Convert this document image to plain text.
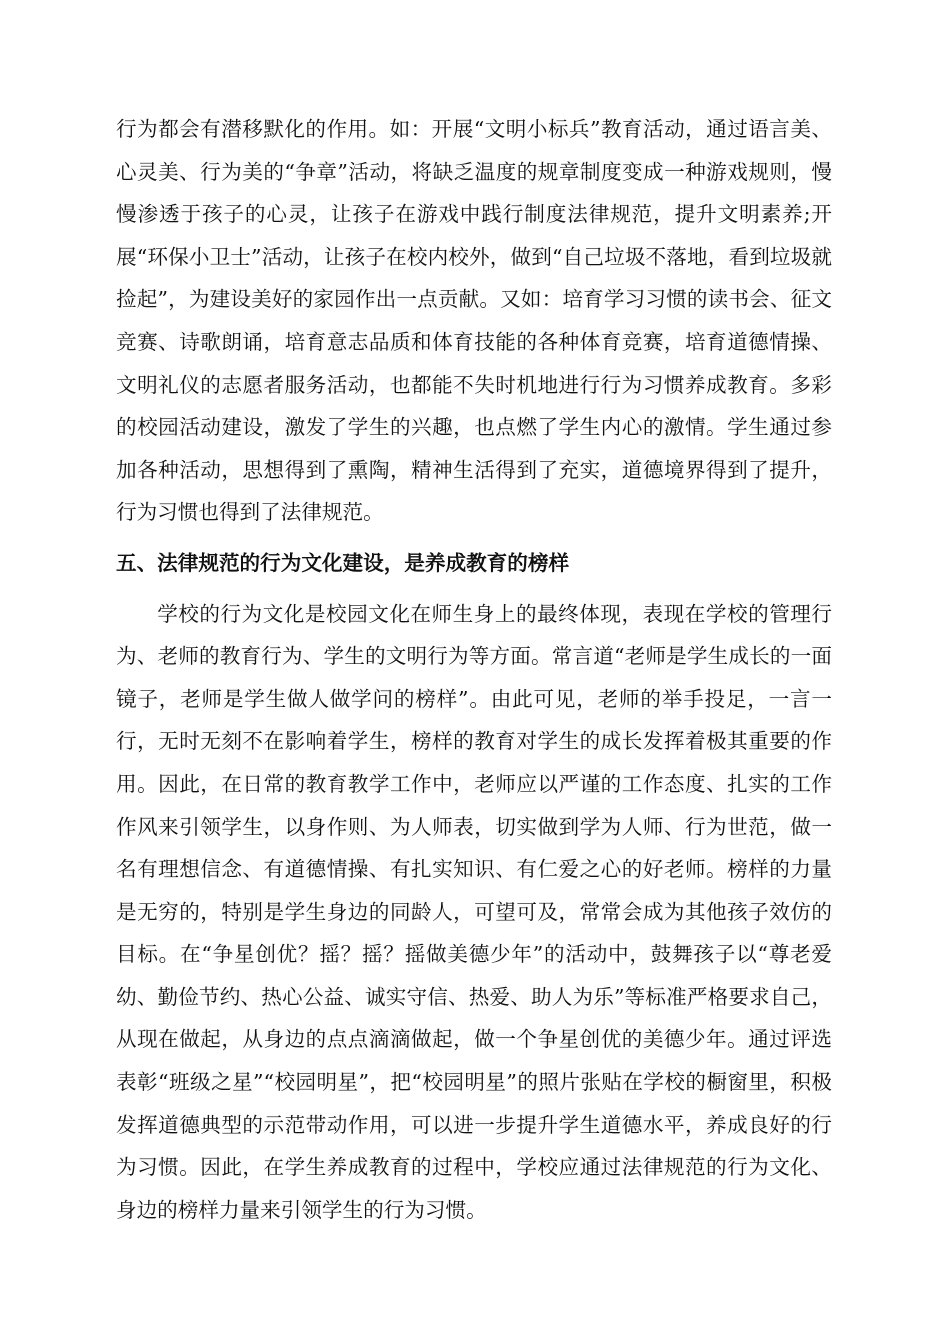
行为都会有潜移默化的作用。如：开展“文明小标兵”教育活动，通过语言美、心灵美、行为美的“争章”活动，将缺乏温度的规章制度变成一种游戏规则，慢慢渗透于孩子的心灵，让孩子在游戏中践行制度法律规范，提升文明素养;开展“环保小卫士”活动，让孩子在校内校外，做到“自己垃圾不落地，看到垃圾就捡起”，为建设美好的家园作出一点贡献。又如：培育学习习惯的读书会、征文竞赛、诗歌朗诵，培育意志品质和体育技能的各种体育竞赛，培育道德情操、文明礼仪的志愿者服务活动，也都能不失时机地进行行为习惯养成教育。多彩的校园活动建设，激发了学生的兴趣，也点燃了学生内心的激情。学生通过参加各种活动，思想得到了熏陶，精神生活得到了充实，道德境界得到了提升，行为习惯也得到了法律规范。

五、法律规范的行为文化建设，是养成教育的榜样

学校的行为文化是校园文化在师生身上的最终体现，表现在学校的管理行为、老师的教育行为、学生的文明行为等方面。常言道“老师是学生成长的一面镜子，老师是学生做人做学问的榜样”。由此可见，老师的举手投足，一言一行，无时无刻不在影响着学生，榜样的教育对学生的成长发挥着极其重要的作用。因此，在日常的教育教学工作中，老师应以严谨的工作态度、扎实的工作作风来引领学生，以身作则、为人师表，切实做到学为人师、行为世范，做一名有理想信念、有道德情操、有扎实知识、有仁爱之心的好老师。榜样的力量是无穷的，特别是学生身边的同龄人，可望可及，常常会成为其他孩子效仿的目标。在“争星创优？摇？摇？摇做美德少年”的活动中，鼓舞孩子以“尊老爱幼、勤俭节约、热心公益、诚实守信、热爱、助人为乐”等标准严格要求自己，从现在做起，从身边的点点滴滴做起，做一个争星创优的美德少年。通过评选表彰“班级之星”“校园明星”，把“校园明星”的照片张贴在学校的橱窗里，积极发挥道德典型的示范带动作用，可以进一步提升学生道德水平，养成良好的行为习惯。因此，在学生养成教育的过程中，学校应通过法律规范的行为文化、身边的榜样力量来引领学生的行为习惯。
